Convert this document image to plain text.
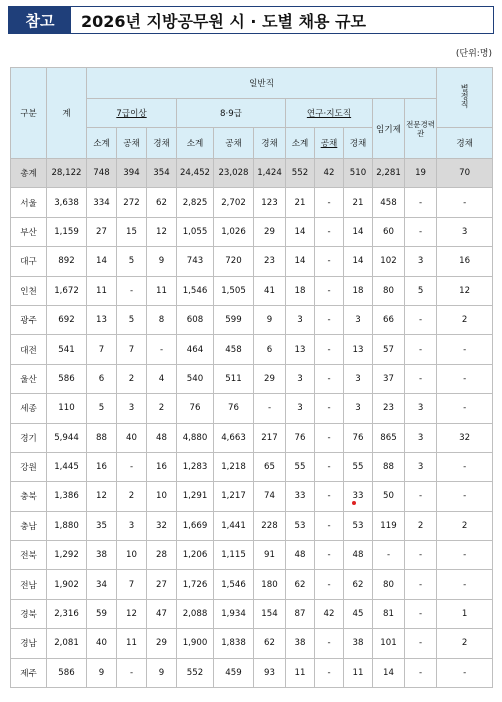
참고	2026년 지방공무원 시 · 도별 채용 규모
(단위:명)
구분	계	일반직											별정직
		7급이상			8·9급			연구·지도직			임기제	전문경력관	
		소계	공채	경채	소계	공채	경채	소계	공채	경채			경채
총계	28,122	748	394	354	24,452	23,028	1,424	552	42	510	2,281	19	70
서울	3,638	334	272	62	2,825	2,702	123	21	-	21	458	-	-
부산	1,159	27	15	12	1,055	1,026	29	14	-	14	60	-	3
대구	892	14	5	9	743	720	23	14	-	14	102	3	16
인천	1,672	11	-	11	1,546	1,505	41	18	-	18	80	5	12
광주	692	13	5	8	608	599	9	3	-	3	66	-	2
대전	541	7	7	-	464	458	6	13	-	13	57	-	-
울산	586	6	2	4	540	511	29	3	-	3	37	-	-
세종	110	5	3	2	76	76	-	3	-	3	23	3	-
경기	5,944	88	40	48	4,880	4,663	217	76	-	76	865	3	32
강원	1,445	16	-	16	1,283	1,218	65	55	-	55	88	3	-
충북	1,386	12	2	10	1,291	1,217	74	33	-	33	50	-	-
충남	1,880	35	3	32	1,669	1,441	228	53	-	53	119	2	2
전북	1,292	38	10	28	1,206	1,115	91	48	-	48	-	-	-
전남	1,902	34	7	27	1,726	1,546	180	62	-	62	80	-	-
경북	2,316	59	12	47	2,088	1,934	154	87	42	45	81	-	1
경남	2,081	40	11	29	1,900	1,838	62	38	-	38	101	-	2
제주	586	9	-	9	552	459	93	11	-	11	14	-	-
